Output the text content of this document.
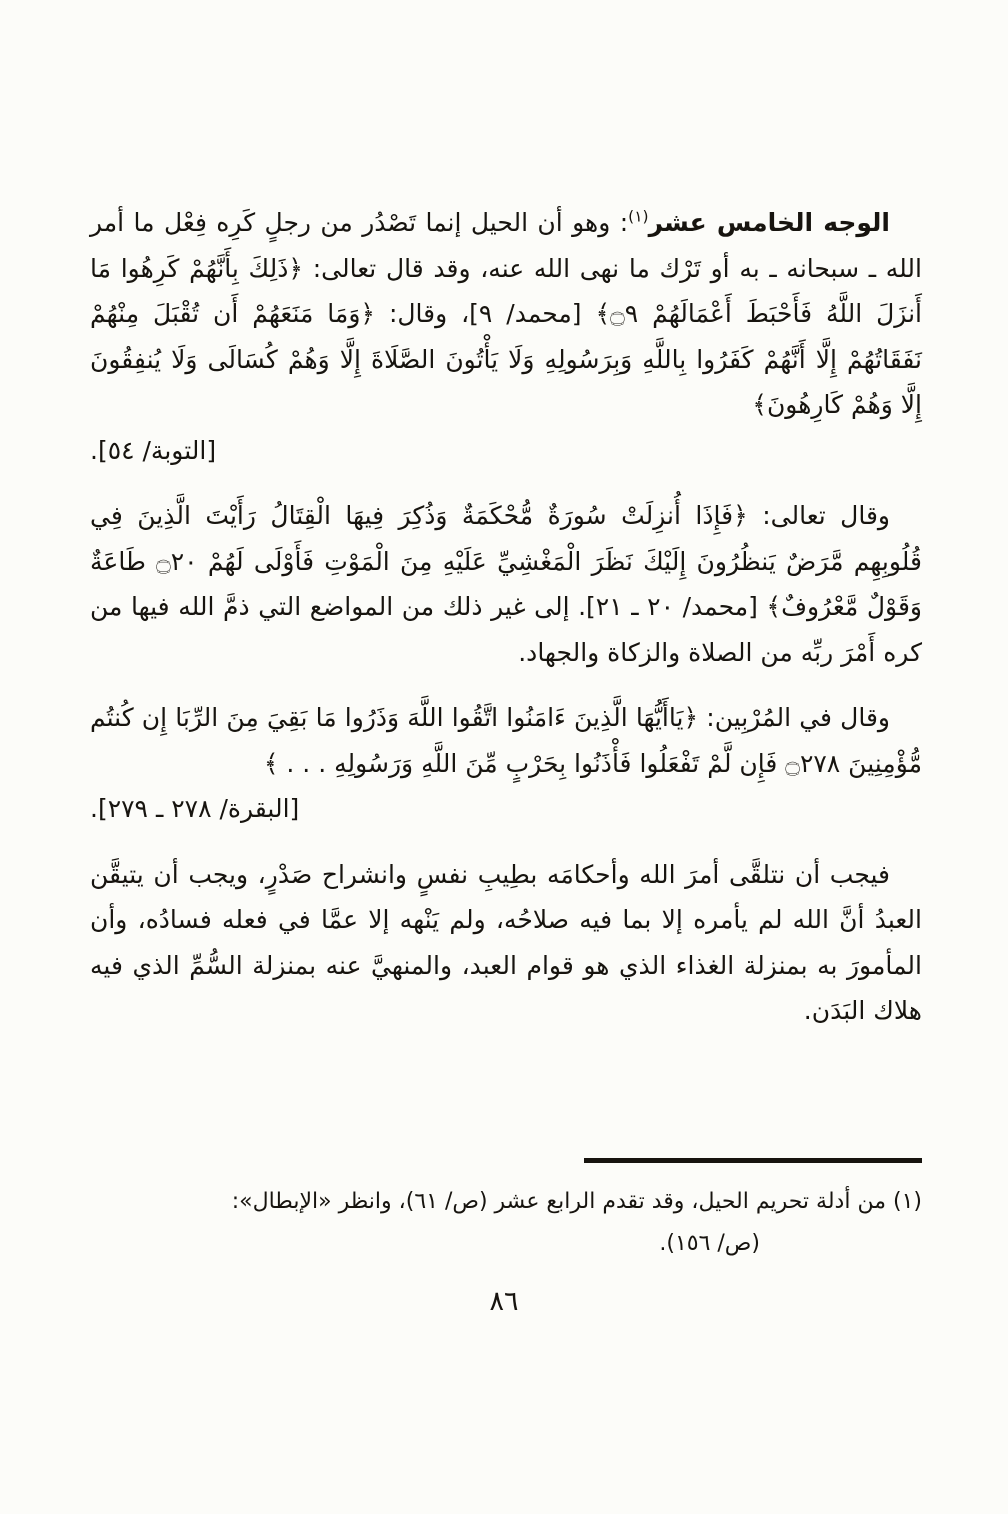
الوجه الخامس عشر$^{(١)}$: وهو أن الحيل إنما تَصْدُر من رجلٍ كَرِه فِعْل ما أمر الله ـ سبحانه ـ به أو تَرْك ما نهى الله عنه، وقد قال تعالى: ﴿ذَلِكَ بِأَنَّهُمْ كَرِهُوا مَا أَنزَلَ اللَّهُ فَأَحْبَطَ أَعْمَالَهُمْ ۝٩﴾ [محمد/ ٩]، وقال: ﴿وَمَا مَنَعَهُمْ أَن تُقْبَلَ مِنْهُمْ نَفَقَاتُهُمْ إِلَّا أَنَّهُمْ كَفَرُوا بِاللَّهِ وَبِرَسُولِهِ وَلَا يَأْتُونَ الصَّلَاةَ إِلَّا وَهُمْ كُسَالَى وَلَا يُنفِقُونَ إِلَّا وَهُمْ كَارِهُونَ﴾

[التوبة/ ٥٤].

وقال تعالى: ﴿فَإِذَا أُنزِلَتْ سُورَةٌ مُّحْكَمَةٌ وَذُكِرَ فِيهَا الْقِتَالُ رَأَيْتَ الَّذِينَ فِي قُلُوبِهِم مَّرَضٌ يَنظُرُونَ إِلَيْكَ نَظَرَ الْمَغْشِيِّ عَلَيْهِ مِنَ الْمَوْتِ فَأَوْلَى لَهُمْ ۝٢٠ طَاعَةٌ وَقَوْلٌ مَّعْرُوفٌ﴾ [محمد/ ٢٠ ـ ٢١]. إلى غير ذلك من المواضع التي ذمَّ الله فيها من كره أَمْرَ ربِّه من الصلاة والزكاة والجهاد.

وقال في المُرْبِين: ﴿يَاأَيُّهَا الَّذِينَ ءَامَنُوا اتَّقُوا اللَّهَ وَذَرُوا مَا بَقِيَ مِنَ الرِّبَا إِن كُنتُم مُّؤْمِنِينَ ۝٢٧٨ فَإِن لَّمْ تَفْعَلُوا فَأْذَنُوا بِحَرْبٍ مِّنَ اللَّهِ وَرَسُولِهِ . . . ﴾

[البقرة/ ٢٧٨ ـ ٢٧٩].

فيجب أن نتلقَّى أمرَ الله وأحكامَه بطِيبِ نفسٍ وانشراح صَدْرٍ، ويجب أن يتيقَّن العبدُ أنَّ الله لم يأمره إلا بما فيه صلاحُه، ولم يَنْهه إلا عمَّا في فعله فسادُه، وأن المأمورَ به بمنزلة الغذاء الذي هو قوام العبد، والمنهيَّ عنه بمنزلة السُّمِّ الذي فيه هلاك البَدَن.

(١) من أدلة تحريم الحيل، وقد تقدم الرابع عشر (ص/ ٦١)، وانظر «الإبطال»:
(ص/ ١٥٦).
٨٦
